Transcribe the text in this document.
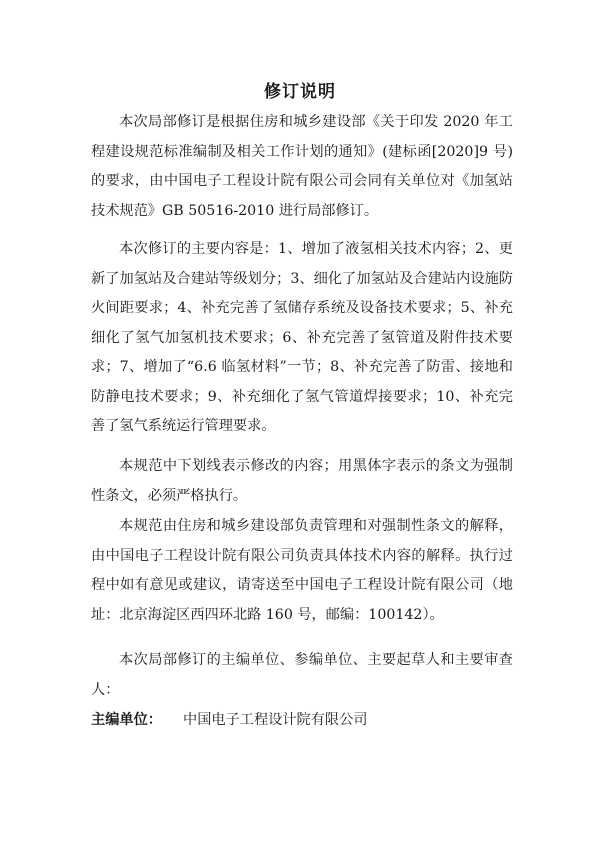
修订说明

本次局部修订是根据住房和城乡建设部《关于印发 2020 年工程建设规范标准编制及相关工作计划的通知》(建标函[2020]9 号)的要求，由中国电子工程设计院有限公司会同有关单位对《加氢站技术规范》GB 50516-2010 进行局部修订。

本次修订的主要内容是：1、增加了液氢相关技术内容；2、更新了加氢站及合建站等级划分；3、细化了加氢站及合建站内设施防火间距要求；4、补充完善了氢储存系统及设备技术要求；5、补充细化了氢气加氢机技术要求；6、补充完善了氢管道及附件技术要求；7、增加了“6.6 临氢材料”一节；8、补充完善了防雷、接地和防静电技术要求；9、补充细化了氢气管道焊接要求；10、补充完善了氢气系统运行管理要求。

本规范中下划线表示修改的内容；用黑体字表示的条文为强制性条文，必须严格执行。

本规范由住房和城乡建设部负责管理和对强制性条文的解释，由中国电子工程设计院有限公司负责具体技术内容的解释。执行过程中如有意见或建议，请寄送至中国电子工程设计院有限公司（地址：北京海淀区西四环北路 160 号，邮编：100142）。

本次局部修订的主编单位、参编单位、主要起草人和主要审查人：

主编单位： 中国电子工程设计院有限公司
